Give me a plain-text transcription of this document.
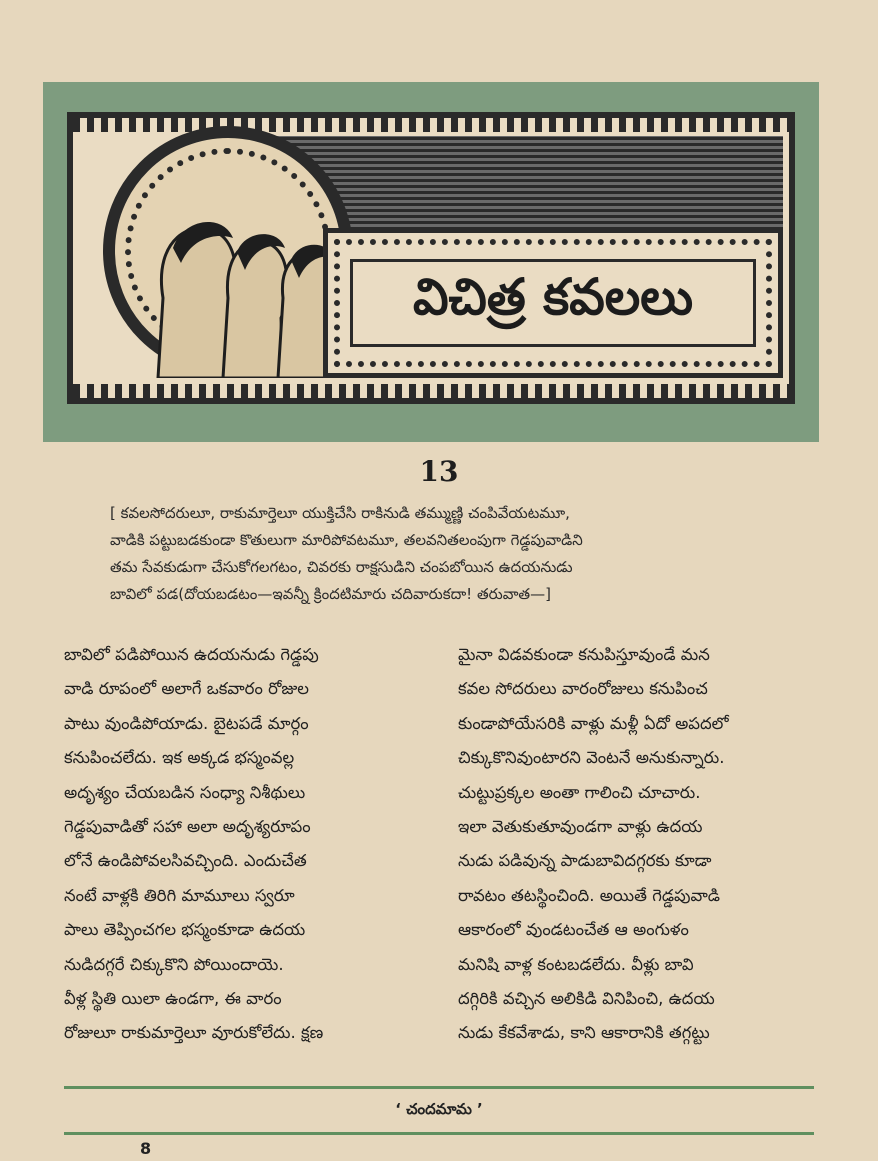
విచిత్ర కవలలు
13

[ కవలసోదరులూ, రాకుమార్తెలూ యుక్తిచేసి రాకినుడి తమ్ముణ్ణి చంపివేయటమూ,

వాడికి పట్టుబడకుండా కొతులుగా మారిపోవటమూ, తలవనితలంపుగా గెడ్డపువాడిని

తమ సేవకుడుగా చేసుకోగలగటం, చివరకు రాక్షసుడిని చంపబోయిన ఉదయనుడు

బావిలో పడ(దోయబడటం—ఇవన్నీ క్రిందటిమారు చదివారుకదా! తరువాత—]

బావిలో పడిపోయిన ఉదయనుడు గెడ్డపు

వాడి రూపంలో అలాగే ఒకవారం రోజుల

పాటు వుండిపోయాడు. బైటపడే మార్గం

కనుపించలేదు. ఇక అక్కడ భస్మంవల్ల

అదృశ్యం చేయబడిన సంధ్యా నిశీథులు

గెడ్డపువాడితో సహా అలా అదృశ్యరూపం

లోనే ఉండిపోవలసివచ్చింది. ఎందుచేత

నంటే వాళ్లకి తిరిగి మామూలు స్వరూ

పాలు తెప్పించగల భస్మంకూడా ఉదయ

నుడిదగ్గరే చిక్కుకొని పోయిందాయె.

వీళ్ల స్థితి యిలా ఉండగా, ఈ వారం

రోజులూ రాకుమార్తెలూ వూరుకోలేదు. క్షణ

మైనా విడవకుండా కనుపిస్తూవుండే మన

కవల సోదరులు వారంరోజులు కనుపించ

కుండాపోయేసరికి వాళ్లు మళ్లీ ఏదో అపదలో

చిక్కుకొనివుంటారని వెంటనే అనుకున్నారు.

చుట్టుప్రక్కల అంతా గాలించి చూచారు.

ఇలా వెతుకుతూవుండగా వాళ్లు ఉదయ

నుడు పడివున్న పాడుబావిదగ్గరకు కూడా

రావటం తటస్థించింది. అయితే గెడ్డపువాడి

ఆకారంలో వుండటంచేత ఆ అంగుళం

మనిషి వాళ్ల కంటబడలేదు. వీళ్లు బావి

దగ్గిరికి వచ్చిన అలికిడి వినిపించి, ఉదయ

నుడు కేకవేశాడు, కాని ఆకారానికి తగ్గట్టు

‘ చందమామ ’
8
